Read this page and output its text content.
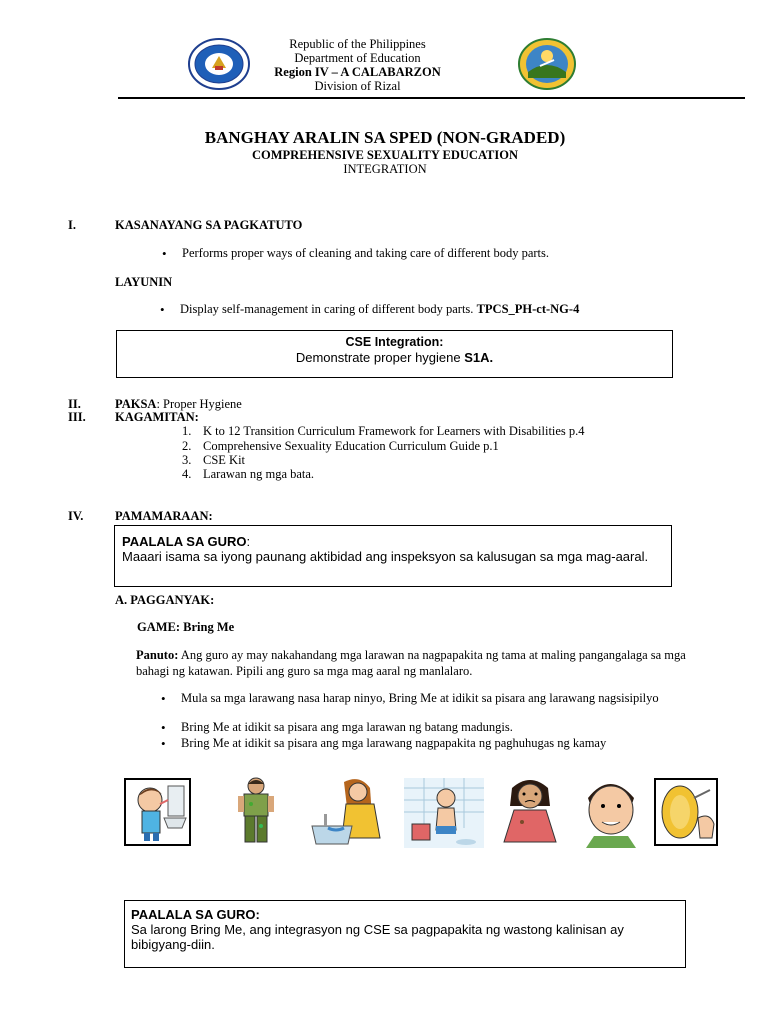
Republic of the Philippines
Department of Education
Region IV – A CALABARZON
Division of Rizal
BANGHAY ARALIN SA SPED (NON-GRADED)
COMPREHENSIVE SEXUALITY EDUCATION
INTEGRATION
I.	KASANAYANG SA PAGKATUTO
• Performs proper ways of cleaning and taking care of different body parts.
LAYUNIN
• Display self-management in caring of different body parts. TPCS_PH-ct-NG-4
CSE Integration:
Demonstrate proper hygiene S1A.
II.	PAKSA: Proper Hygiene
III. KAGAMITAN:
1. K to 12 Transition Curriculum Framework for Learners with Disabilities p.4
2. Comprehensive Sexuality Education Curriculum Guide p.1
3. CSE Kit
4. Larawan ng mga bata.
IV.	PAMAMARAAN:
PAALALA SA GURO:
Maaari isama sa iyong paunang aktibidad ang inspeksyon sa kalusugan sa mga mag-aaral.
A. PAGGANYAK:
GAME: Bring Me
Panuto: Ang guro ay may nakahandang mga larawan na nagpapakita ng tama at maling pangangalaga sa mga bahagi ng katawan. Pipili ang guro sa mga mag aaral ng manlalaro.
• Mula sa mga larawang nasa harap ninyo, Bring Me at idikit sa pisara ang larawang nagsisipilyo
• Bring Me at idikit sa pisara ang mga larawan ng batang madungis.
• Bring Me at idikit sa pisara ang mga larawang nagpapakita ng paghuhugas ng kamay
PAALALA SA GURO:
Sa larong Bring Me, ang integrasyon ng CSE sa pagpapakita ng wastong kalinisan ay bibigyang-diin.
